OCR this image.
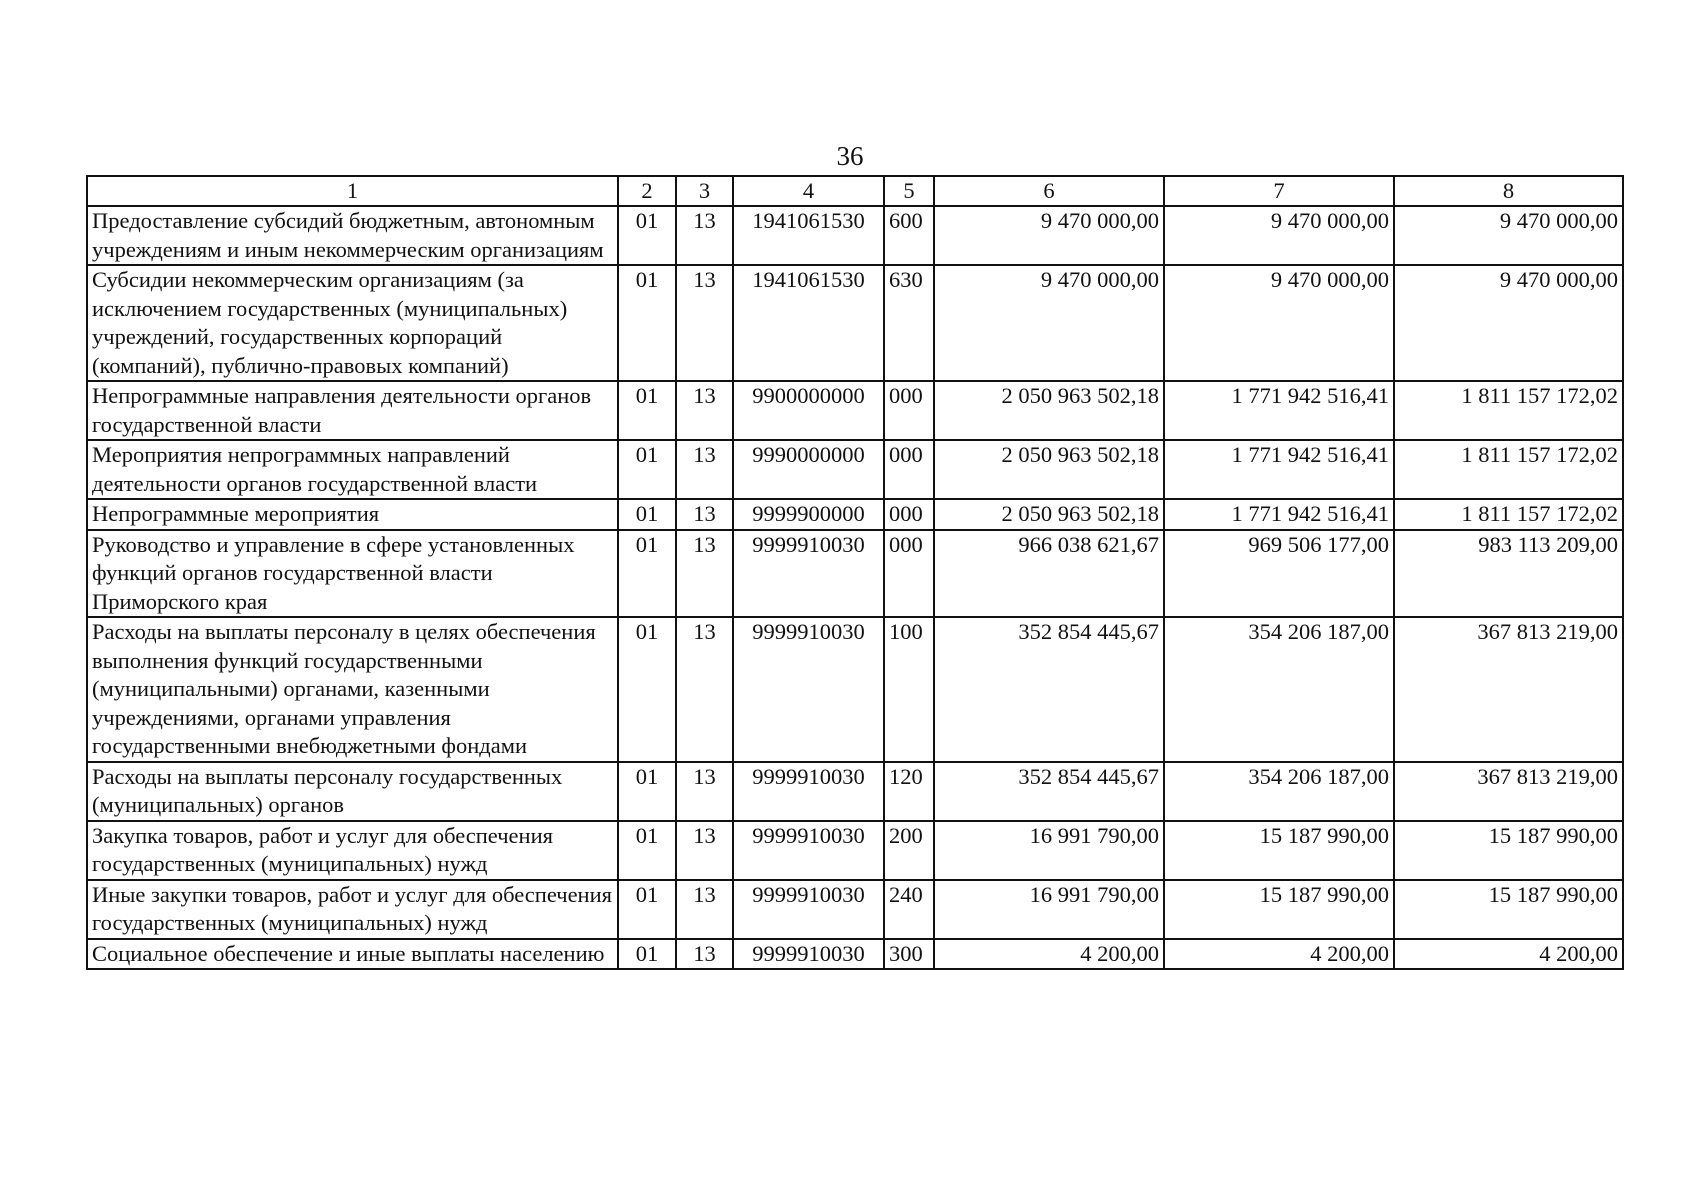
36
1	2	3	4	5	6	7	8
Предоставление субсидий бюджетным, автономным учреждениям и иным некоммерческим организациям	01	13	1941061530	600	9 470 000,00	9 470 000,00	9 470 000,00
Субсидии некоммерческим организациям (за исключением государственных (муниципальных) учреждений, государственных корпораций (компаний), публично-правовых компаний)	01	13	1941061530	630	9 470 000,00	9 470 000,00	9 470 000,00
Непрограммные направления деятельности органов государственной власти	01	13	9900000000	000	2 050 963 502,18	1 771 942 516,41	1 811 157 172,02
Мероприятия непрограммных направлений деятельности органов государственной власти	01	13	9990000000	000	2 050 963 502,18	1 771 942 516,41	1 811 157 172,02
Непрограммные мероприятия	01	13	9999900000	000	2 050 963 502,18	1 771 942 516,41	1 811 157 172,02
Руководство и управление в сфере установленных функций органов государственной власти Приморского края	01	13	9999910030	000	966 038 621,67	969 506 177,00	983 113 209,00
Расходы на выплаты персоналу в целях обеспечения выполнения функций государственными (муниципальными) органами, казенными учреждениями, органами управления государственными внебюджетными фондами	01	13	9999910030	100	352 854 445,67	354 206 187,00	367 813 219,00
Расходы на выплаты персоналу государственных (муниципальных) органов	01	13	9999910030	120	352 854 445,67	354 206 187,00	367 813 219,00
Закупка товаров, работ и услуг для обеспечения государственных (муниципальных) нужд	01	13	9999910030	200	16 991 790,00	15 187 990,00	15 187 990,00
Иные закупки товаров, работ и услуг для обеспечения государственных (муниципальных) нужд	01	13	9999910030	240	16 991 790,00	15 187 990,00	15 187 990,00
Социальное обеспечение и иные выплаты населению	01	13	9999910030	300	4 200,00	4 200,00	4 200,00
